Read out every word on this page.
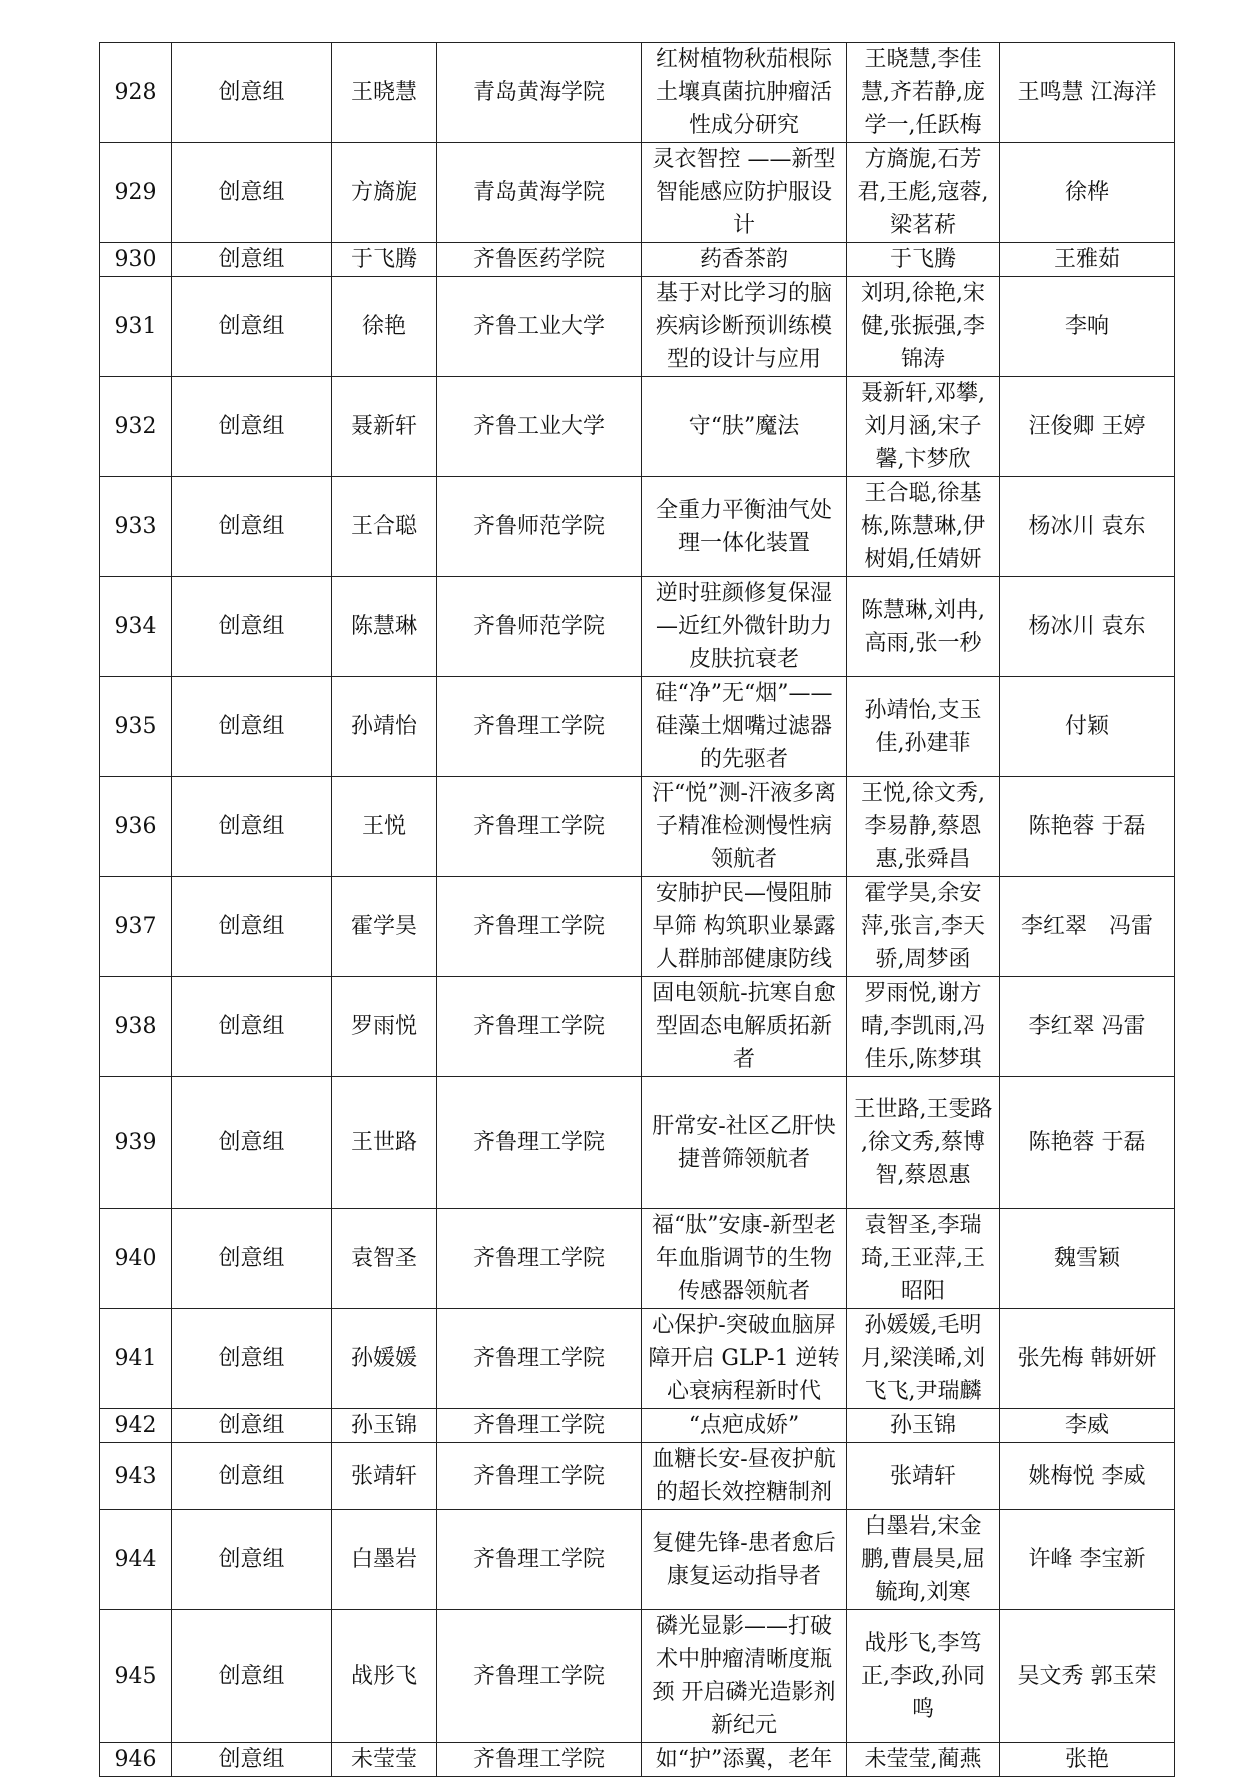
928	创意组	王晓慧	青岛黄海学院	红树植物秋茄根际土壤真菌抗肿瘤活性成分研究	王晓慧,李佳慧,齐若静,庞学一,任跃梅	王鸣慧 江海洋
929	创意组	方旖旎	青岛黄海学院	灵衣智控 ——新型智能感应防护服设计	方旖旎,石芳君,王彪,寇蓉,梁茗菥	徐桦
930	创意组	于飞腾	齐鲁医药学院	药香茶韵	于飞腾	王雅茹
931	创意组	徐艳	齐鲁工业大学	基于对比学习的脑疾病诊断预训练模型的设计与应用	刘玥,徐艳,宋健,张振强,李锦涛	李响
932	创意组	聂新轩	齐鲁工业大学	守“肤”魔法	聂新轩,邓攀,刘月涵,宋子馨,卞梦欣	汪俊卿 王婷
933	创意组	王合聪	齐鲁师范学院	全重力平衡油气处理一体化装置	王合聪,徐基栋,陈慧琳,伊树娟,任婧妍	杨冰川 袁东
934	创意组	陈慧琳	齐鲁师范学院	逆时驻颜修复保湿—近红外微针助力皮肤抗衰老	陈慧琳,刘冉,高雨,张一秒	杨冰川 袁东
935	创意组	孙靖怡	齐鲁理工学院	硅“净”无“烟”——硅藻土烟嘴过滤器的先驱者	孙靖怡,支玉佳,孙建菲	付颖
936	创意组	王悦	齐鲁理工学院	汗“悦”测-汗液多离子精准检测慢性病领航者	王悦,徐文秀,李易静,蔡恩惠,张舜昌	陈艳蓉 于磊
937	创意组	霍学昊	齐鲁理工学院	安肺护民—慢阻肺早筛 构筑职业暴露人群肺部健康防线	霍学昊,余安萍,张言,李天骄,周梦函	李红翠　冯雷
938	创意组	罗雨悦	齐鲁理工学院	固电领航-抗寒自愈型固态电解质拓新者	罗雨悦,谢方晴,李凯雨,冯佳乐,陈梦琪	李红翠 冯雷
939	创意组	王世路	齐鲁理工学院	肝常安-社区乙肝快捷普筛领航者	王世路,王雯路 ,徐文秀,蔡博智,蔡恩惠	陈艳蓉 于磊
940	创意组	袁智圣	齐鲁理工学院	福“肽”安康-新型老年血脂调节的生物传感器领航者	袁智圣,李瑞琦,王亚萍,王昭阳	魏雪颖
941	创意组	孙媛媛	齐鲁理工学院	心保护-突破血脑屏障开启 GLP-1 逆转心衰病程新时代	孙媛媛,毛明月,梁渼晞,刘飞飞,尹瑞麟	张先梅 韩妍妍
942	创意组	孙玉锦	齐鲁理工学院	“点疤成娇”	孙玉锦	李威
943	创意组	张靖轩	齐鲁理工学院	血糖长安-昼夜护航的超长效控糖制剂	张靖轩	姚梅悦 李威
944	创意组	白墨岩	齐鲁理工学院	复健先锋-患者愈后康复运动指导者	白墨岩,宋金鹏,曹晨昊,屈毓珣,刘寒	许峰 李宝新
945	创意组	战彤飞	齐鲁理工学院	磷光显影——打破术中肿瘤清晰度瓶颈 开启磷光造影剂新纪元	战彤飞,李笃正,李政,孙同鸣	吴文秀 郭玉荣
946	创意组	未莹莹	齐鲁理工学院	如“护”添翼，老年	未莹莹,蔺燕	张艳
